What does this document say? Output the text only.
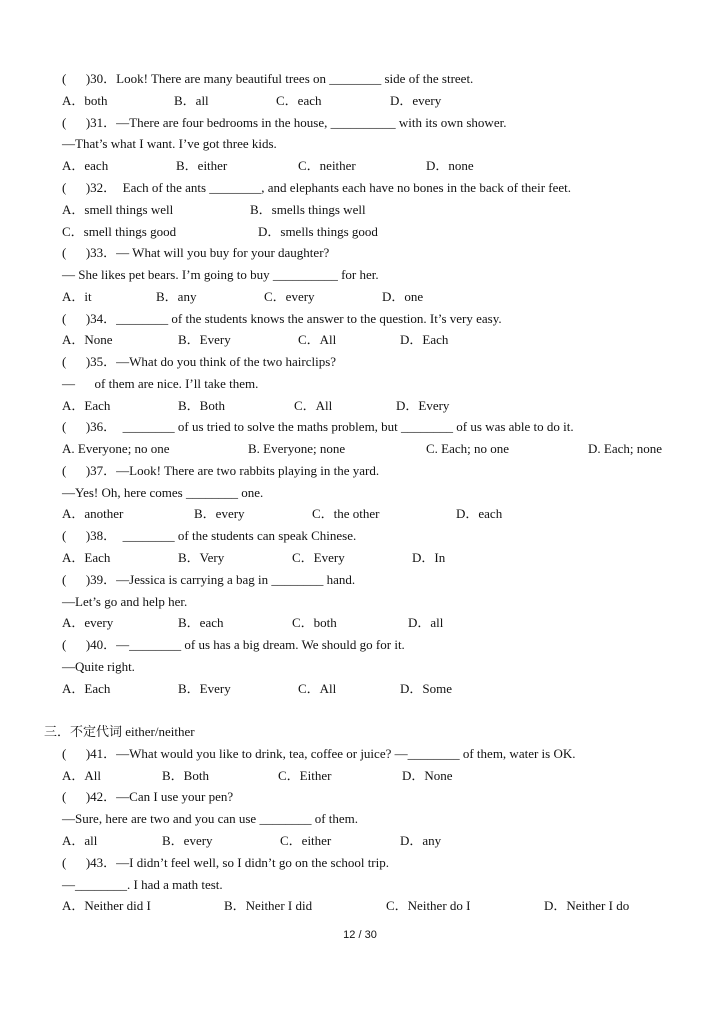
(      )30．Look! There are many beautiful trees on ________ side of the street.

A．both

	B．all

	C．each

	D．every

(      )31．—There are four bedrooms in the house, __________ with its own shower.
—That’s what I want. I’ve got three kids.

A．each

	B．either

	C．neither

	D．none

(      )32．  Each of the ants ________, and elephants each have no bones in the back of their feet.

A．smell things well

	B．smells things well

C．smell things good

	D．smells things good

(      )33．— What will you buy for your daughter?
— She likes pet bears. I’m going to buy __________ for her.

A．it

	B．any

	C．every

	D．one

(      )34．________ of the students knows the answer to the question. It’s very easy.

A．None

	B．Every

	C．All

	D．Each

(      )35．—What do you think of the two hairclips?
—      of them are nice. I’ll take them.

A．Each

	B．Both

	C．All

	D．Every

(      )36．  ________ of us tried to solve the maths problem, but ________ of us was able to do it.

A. Everyone; no one

	B. Everyone; none

	C. Each; no one

	D. Each; none

(      )37．—Look! There are two rabbits playing in the yard.
—Yes! Oh, here comes ________ one.

A．another

	B．every

	C．the other

	D．each

(      )38．  ________ of the students can speak Chinese.

A．Each

	B．Very

	C．Every

	D．In

(      )39．—Jessica is carrying a bag in ________ hand.
—Let’s go and help her.

A．every

	B．each

	C．both

	D．all

(      )40．—________ of us has a big dream. We should go for it.
—Quite right.

A．Each

	B．Every

	C．All

	D．Some

三．不定代词 either/neither
(      )41．—What would you like to drink, tea, coffee or juice? —________ of them, water is OK.

A．All

	B．Both

	C．Either

	D．None

(      )42．—Can I use your pen?
—Sure, here are two and you can use ________ of them.

A．all

	B．every

	C．either

	D．any

(      )43．—I didn’t feel well, so I didn’t go on the school trip.
—________. I had a math test.

A．Neither did I

	B．Neither I did

	C．Neither do I

	D．Neither I do

12 / 30
